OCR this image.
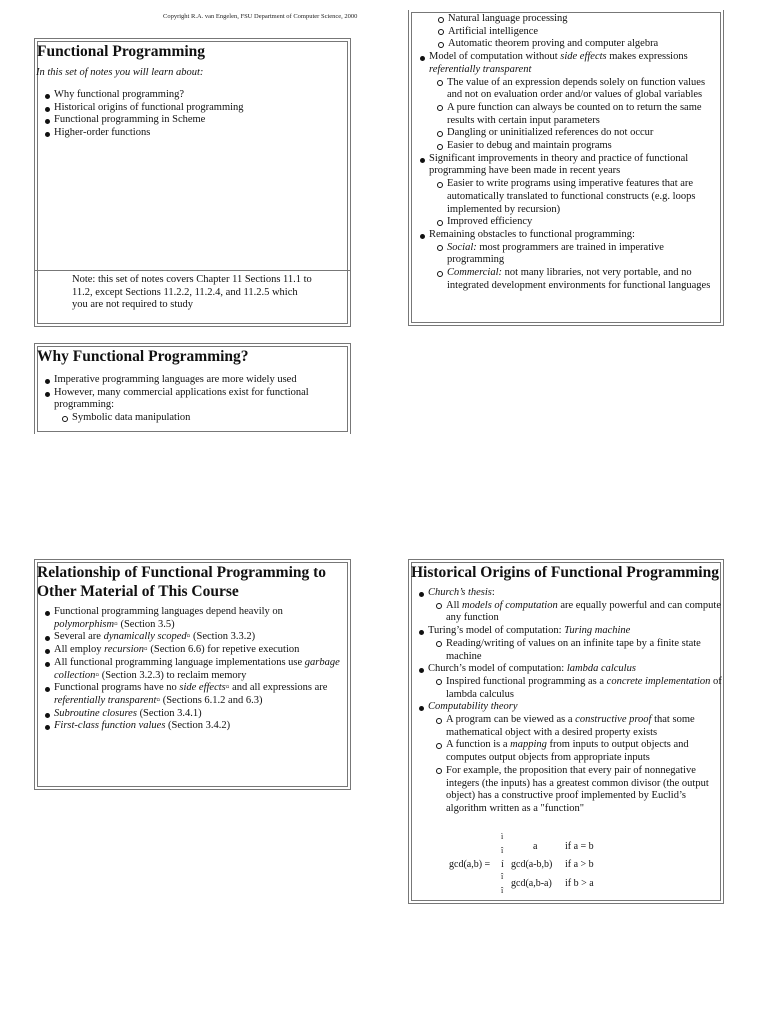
Copyright R.A. van Engelen, FSU Department of Computer Science, 2000
Functional Programming
In this set of notes you will learn about:
Why functional programming?
Historical origins of functional programming
Functional programming in Scheme
Higher-order functions
Note: this set of notes covers Chapter 11 Sections 11.1 to 11.2, except Sections 11.2.2, 11.2.4, and 11.2.5 which you are not required to study
Natural language processing
Artificial intelligence
Automatic theorem proving and computer algebra
Model of computation without side effects makes expressions
referentially transparent
The value of an expression depends solely on function values and not on evaluation order and/or values of global variables
A pure function can always be counted on to return the same results with certain input parameters
Dangling or uninitialized references do not occur
Easier to debug and maintain programs
Significant improvements in theory and practice of functional programming have been made in recent years
Easier to write programs using imperative features that are automatically translated to functional constructs (e.g. loops implemented by recursion)
Improved efficiency
Remaining obstacles to functional programming:
Social: most programmers are trained in imperative programming
Commercial: not many libraries, not very portable, and no integrated development environments for functional languages
Why Functional Programming?
Imperative programming languages are more widely used
However, many commercial applications exist for functional programming:
Symbolic data manipulation
Relationship of Functional Programming to
Other Material of This Course
Functional programming languages depend heavily on polymorphism▫ (Section 3.5)
Several are dynamically scoped▫ (Section 3.3.2)
All employ recursion▫ (Section 6.6) for repetive execution
All functional programming language implementations use garbage collection▫ (Section 3.2.3) to reclaim memory
Functional programs have no side effects▫ and all expressions are referentially transparent▫ (Sections 6.1.2 and 6.3)
Subroutine closures (Section 3.4.1)
First-class function values (Section 3.4.2)
Historical Origins of Functional Programming
Church’s thesis:
All models of computation are equally powerful and can compute any function
Turing’s model of computation: Turing machine
Reading/writing of values on an infinite tape by a finite state machine
Church’s model of computation: lambda calculus
Inspired functional programming as a concrete implementation of lambda calculus
Computability theory
A program can be viewed as a constructive proof that some mathematical object with a desired property exists
A function is a mapping from inputs to output objects and computes output objects from appropriate inputs
For example, the proposition that every pair of nonnegative integers (the inputs) has a greatest common divisor (the output object) has a constructive proof implemented by Euclid’s algorithm written as a "function"
ì
î	a	if a = b
gcd(a,b) = í gcd(a-b,b) if a > b
î
î
gcd(a,b-a) if b > a
